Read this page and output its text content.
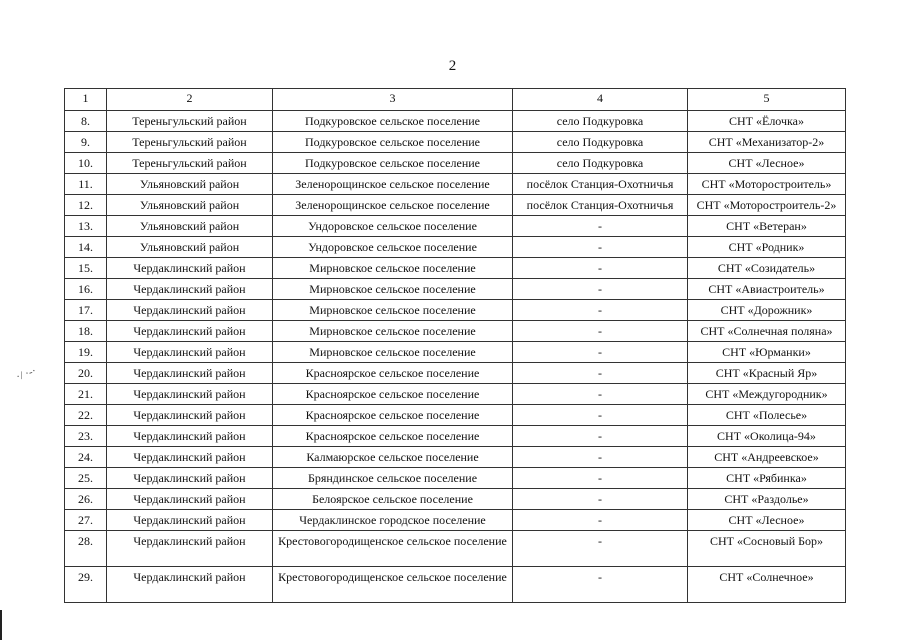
2
·/ ·-·
1	2	3	4	5
8.	Тереньгульский район	Подкуровское сельское поселение	село Подкуровка	СНТ «Ёлочка»
9.	Тереньгульский район	Подкуровское сельское поселение	село Подкуровка	СНТ «Механизатор-2»
10.	Тереньгульский район	Подкуровское сельское поселение	село Подкуровка	СНТ «Лесное»
11.	Ульяновский район	Зеленорощинское сельское поселение	посёлок Станция-Охотничья	СНТ «Моторостроитель»
12.	Ульяновский район	Зеленорощинское сельское поселение	посёлок Станция-Охотничья	СНТ «Моторостроитель-2»
13.	Ульяновский район	Ундоровское сельское поселение	-	СНТ «Ветеран»
14.	Ульяновский район	Ундоровское сельское поселение	-	СНТ «Родник»
15.	Чердаклинский район	Мирновское сельское поселение	-	СНТ «Созидатель»
16.	Чердаклинский район	Мирновское сельское поселение	-	СНТ «Авиастроитель»
17.	Чердаклинский район	Мирновское сельское поселение	-	СНТ «Дорожник»
18.	Чердаклинский район	Мирновское сельское поселение	-	СНТ «Солнечная поляна»
19.	Чердаклинский район	Мирновское сельское поселение	-	СНТ «Юрманки»
20.	Чердаклинский район	Красноярское сельское поселение	-	СНТ «Красный Яр»
21.	Чердаклинский район	Красноярское сельское поселение	-	СНТ «Междугородник»
22.	Чердаклинский район	Красноярское сельское поселение	-	СНТ «Полесье»
23.	Чердаклинский район	Красноярское сельское поселение	-	СНТ «Околица-94»
24.	Чердаклинский район	Калмаюрское сельское поселение	-	СНТ «Андреевское»
25.	Чердаклинский район	Бряндинское сельское поселение	-	СНТ «Рябинка»
26.	Чердаклинский район	Белоярское сельское поселение	-	СНТ «Раздолье»
27.	Чердаклинский район	Чердаклинское городское поселение	-	СНТ «Лесное»
28.	Чердаклинский район	Крестовогородищенское сельское поселение	-	СНТ «Сосновый Бор»
29.	Чердаклинский район	Крестовогородищенское сельское поселение	-	СНТ «Солнечное»
